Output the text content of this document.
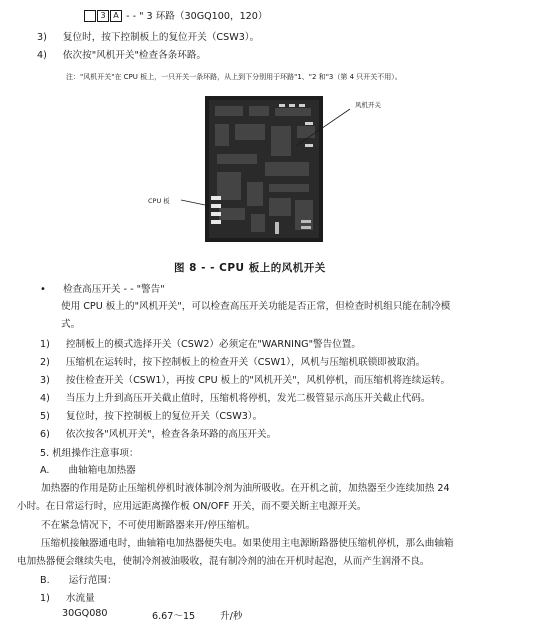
3 A - - " 3 环路（30GQ100，120）
3) 复位时，按下控制板上的复位开关（CSW3）。
4) 依次按"风机开关"检查各条环路。
注："风机开关"在 CPU 板上，一只开关一条环路，从上到下分别用于环路"1、"2 和"3（第 4 只开关不用）。
风机开关
CPU 板
图 8 - - CPU 板上的风机开关
• 检查高压开关 - - "警告"
使用 CPU 板上的"风机开关"，可以检查高压开关功能是否正常，但检查时机组只能在制冷模
式。
1) 控制板上的模式选择开关（CSW2）必须定在"WARNING"警告位置。
2) 压缩机在运转时，按下控制板上的检查开关（CSW1），风机与压缩机联锁即被取消。
3) 按住检查开关（CSW1），再按 CPU 板上的"风机开关"，风机停机，而压缩机将连续运转。
4) 当压力上升到高压开关截止值时，压缩机将停机，发光二极管显示高压开关截止代码。
5) 复位时，按下控制板上的复位开关（CSW3）。
6) 依次按各"风机开关"，检查各条环路的高压开关。
5. 机组操作注意事项：
A. 曲轴箱电加热器
加热器的作用是防止压缩机停机时液体制冷剂为油所吸收。在开机之前，加热器至少连续加热 24
小时。在日常运行时，应用远距离操作板 ON/OFF 开关，而不要关断主电源开关。
不在紧急情况下，不可使用断路器来开/停压缩机。
压缩机接触器通电时，曲轴箱电加热器便失电。如果使用主电源断路器使压缩机停机，那么曲轴箱
电加热器便会继续失电，使制冷剂被油吸收，混有制冷剂的油在开机时起泡，从而产生润滑不良。
B. 运行范围：
1) 水流量
30GQ080	6.67～15	升/秒
